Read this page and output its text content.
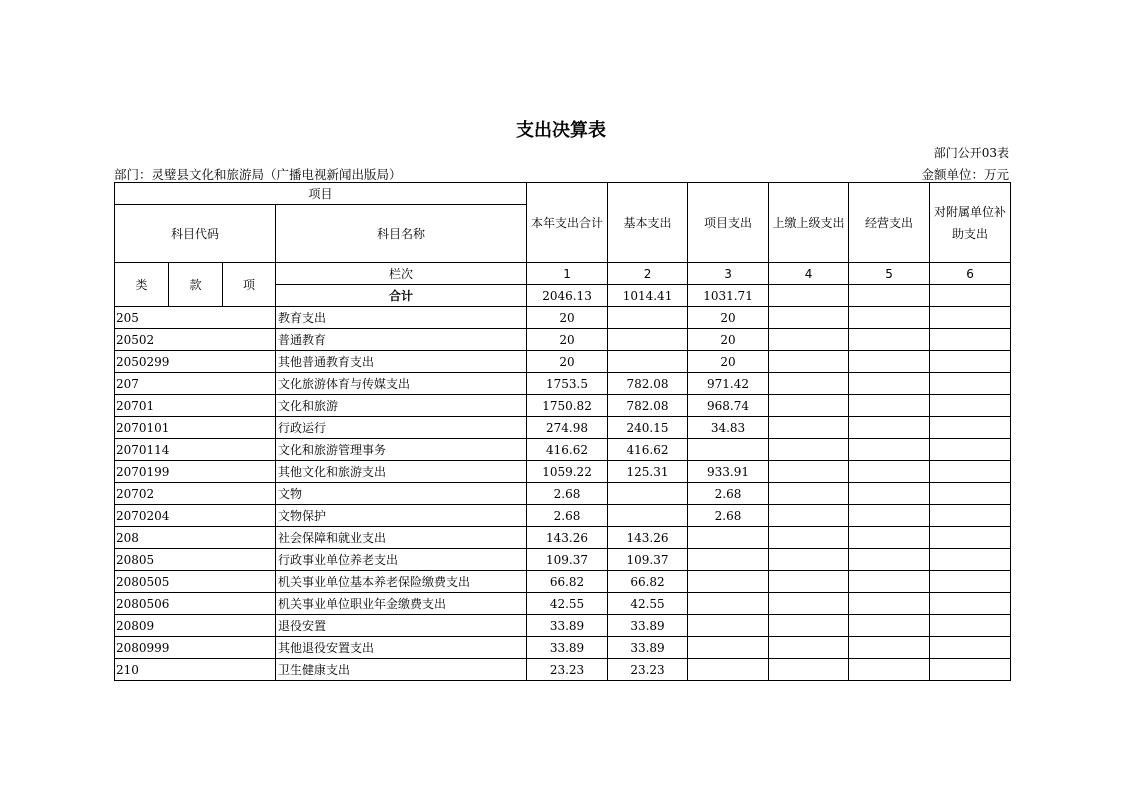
支出决算表
部门公开03表
部门：灵璧县文化和旅游局（广播电视新闻出版局）	金额单位：万元
项目				本年支出合计	基本支出	项目支出	上缴上级支出	经营支出	对附属单位补助支出
科目代码			科目名称						
类	款	项	栏次	1	2	3	4	5	6
			合计	2046.13	1014.41	1031.71			
205			教育支出	20		20			
20502			普通教育	20		20			
2050299			其他普通教育支出	20		20			
207			文化旅游体育与传媒支出	1753.5	782.08	971.42			
20701			文化和旅游	1750.82	782.08	968.74			
2070101			行政运行	274.98	240.15	34.83			
2070114			文化和旅游管理事务	416.62	416.62				
2070199			其他文化和旅游支出	1059.22	125.31	933.91			
20702			文物	2.68		2.68			
2070204			文物保护	2.68		2.68			
208			社会保障和就业支出	143.26	143.26				
20805			行政事业单位养老支出	109.37	109.37				
2080505			机关事业单位基本养老保险缴费支出	66.82	66.82				
2080506			机关事业单位职业年金缴费支出	42.55	42.55				
20809			退役安置	33.89	33.89				
2080999			其他退役安置支出	33.89	33.89				
210			卫生健康支出	23.23	23.23				
